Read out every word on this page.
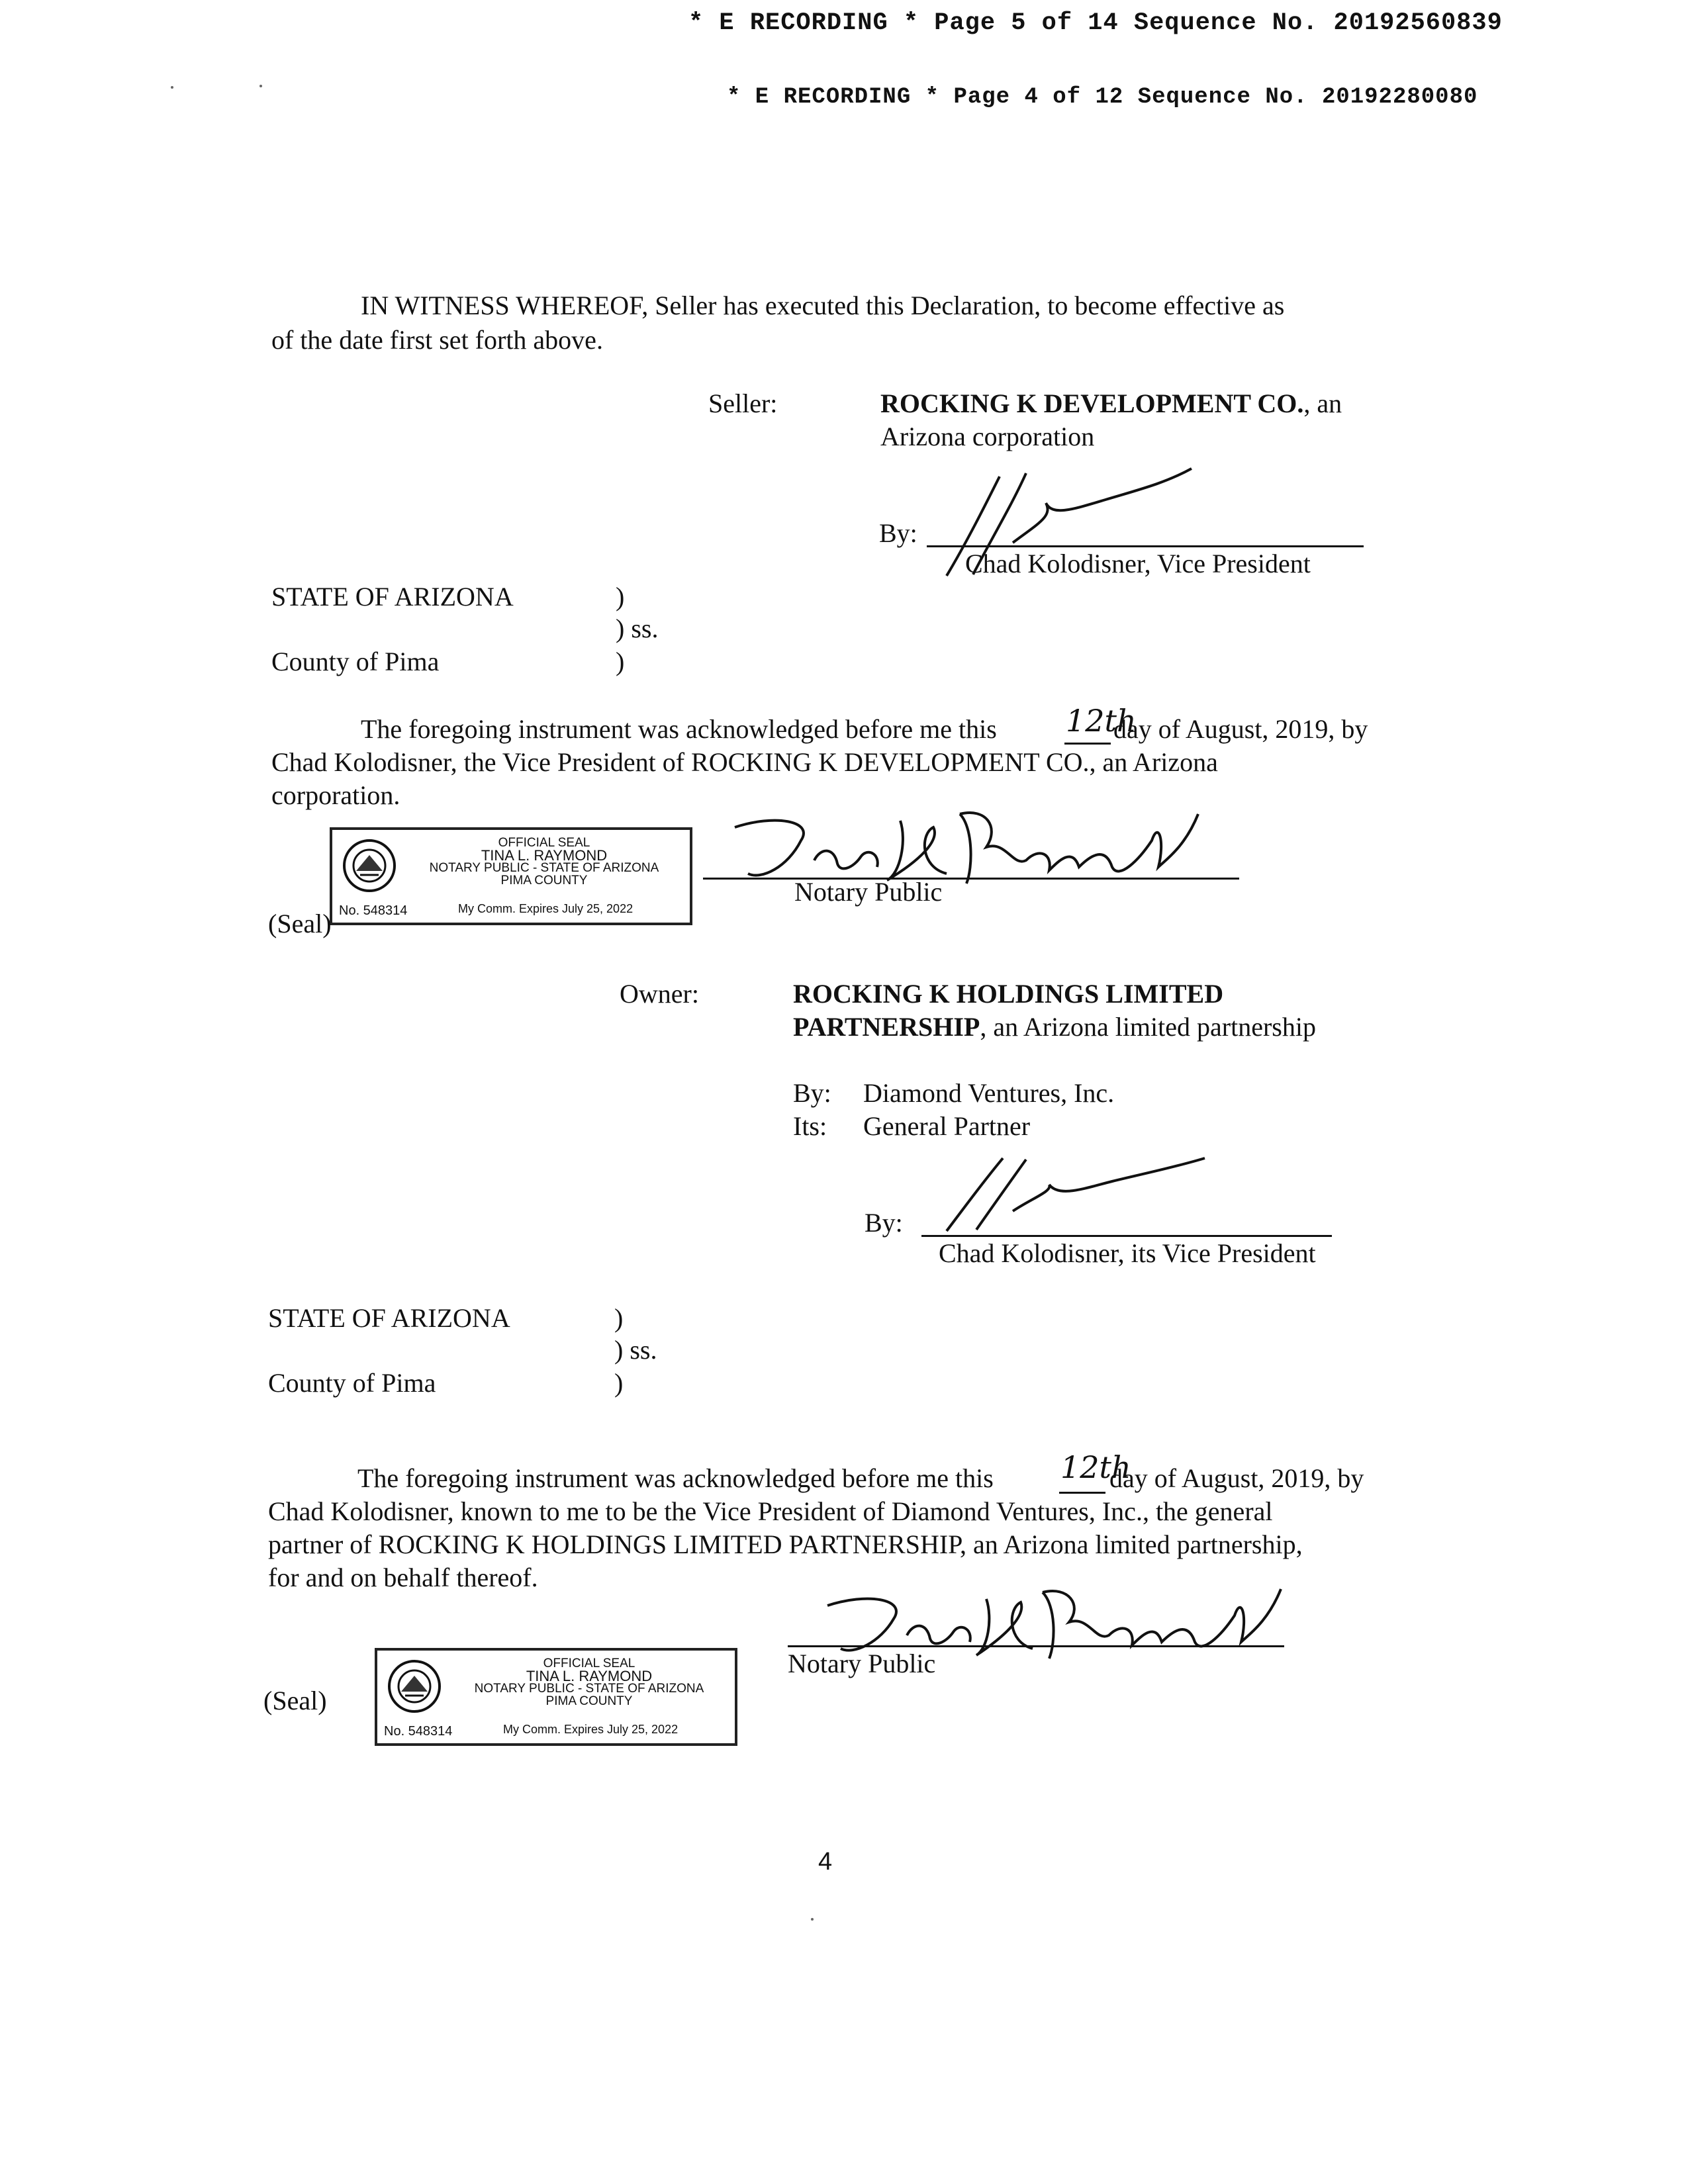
* E RECORDING * Page 5 of 14 Sequence No. 20192560839
* E RECORDING * Page 4 of 12 Sequence No. 20192280080
IN WITNESS WHEREOF, Seller has executed this Declaration, to become effective as
of the date first set forth above.
Seller:	ROCKING K DEVELOPMENT CO., an
Arizona corporation
By:
Chad Kolodisner, Vice President
STATE OF ARIZONA	)
) ss.
County of Pima	)
The foregoing instrument was acknowledged before me this 12th
day of August, 2019, by
Chad Kolodisner, the Vice President of ROCKING K DEVELOPMENT CO., an Arizona
corporation.
OFFICIAL SEAL
TINA L. RAYMOND
NOTARY PUBLIC - STATE OF ARIZONA
PIMA COUNTY
No. 548314	My Comm. Expires July 25, 2022
(Seal)
Notary Public
Owner:	ROCKING K HOLDINGS LIMITED
PARTNERSHIP, an Arizona limited partnership
By: Diamond Ventures, Inc.
Its: General Partner
By:
Chad Kolodisner, its Vice President
STATE OF ARIZONA	)
) ss.
County of Pima	)
The foregoing instrument was acknowledged before me this 12th
day of August, 2019, by
Chad Kolodisner, known to me to be the Vice President of Diamond Ventures, Inc., the general
partner of ROCKING K HOLDINGS LIMITED PARTNERSHIP, an Arizona limited partnership,
for and on behalf thereof.
Notary Public
OFFICIAL SEAL
TINA L. RAYMOND
NOTARY PUBLIC - STATE OF ARIZONA
PIMA COUNTY
No. 548314	My Comm. Expires July 25, 2022
(Seal)
4
